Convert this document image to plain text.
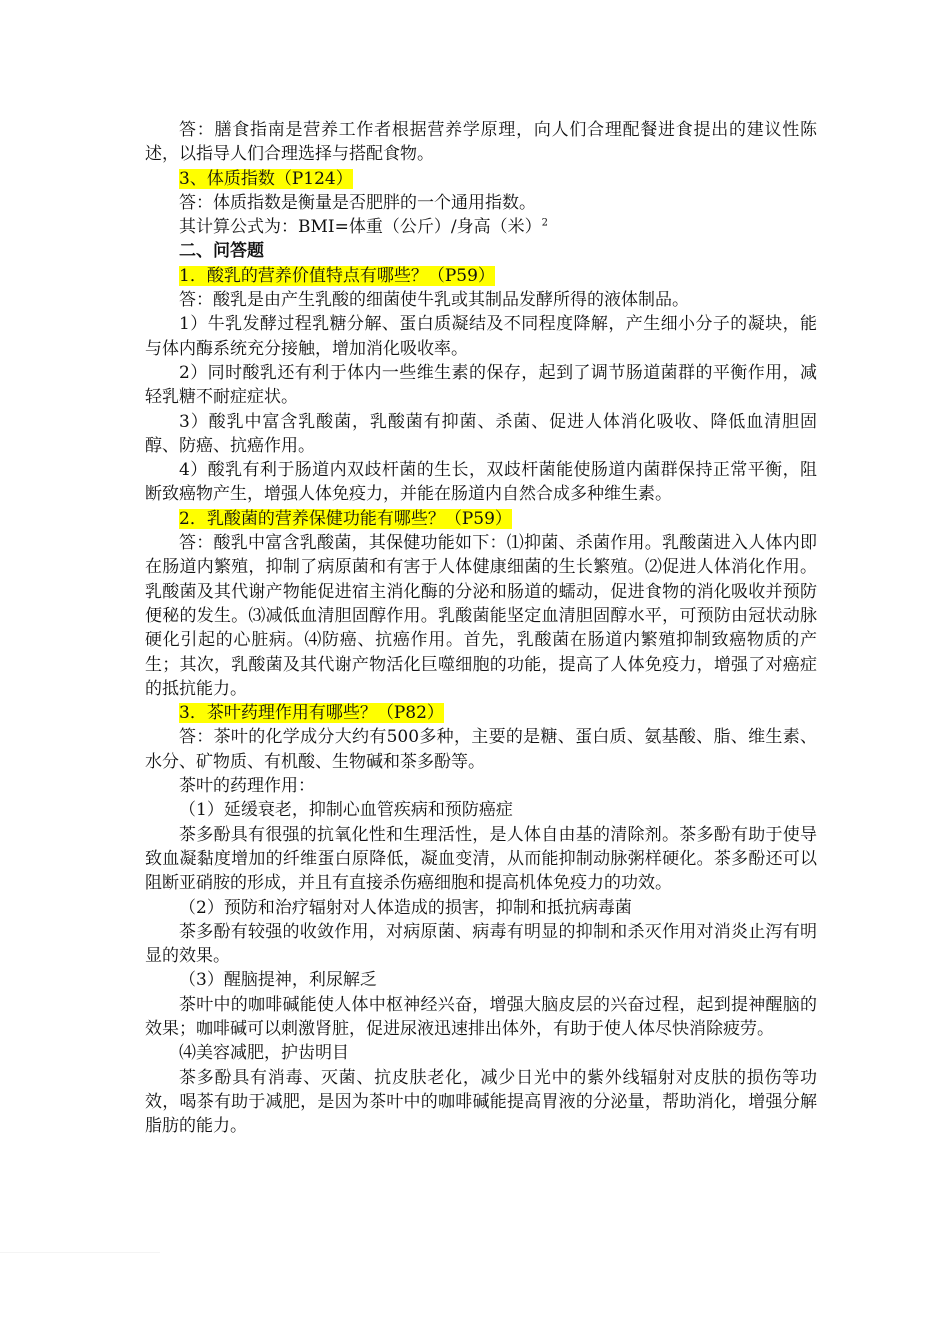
答：膳食指南是营养工作者根据营养学原理，向人们合理配餐进食提出的建议性陈述，以指导人们合理选择与搭配食物。

3、体质指数（P124）

答：体质指数是衡量是否肥胖的一个通用指数。

其计算公式为：BMI=体重（公斤）/身高（米）$^2$

二、问答题

1．酸乳的营养价值特点有哪些？（P59）

答：酸乳是由产生乳酸的细菌使牛乳或其制品发酵所得的液体制品。

1）牛乳发酵过程乳糖分解、蛋白质凝结及不同程度降解，产生细小分子的凝块，能与体内酶系统充分接触，增加消化吸收率。

2）同时酸乳还有利于体内一些维生素的保存，起到了调节肠道菌群的平衡作用，减轻乳糖不耐症症状。

3）酸乳中富含乳酸菌，乳酸菌有抑菌、杀菌、促进人体消化吸收、降低血清胆固醇、防癌、抗癌作用。

4）酸乳有利于肠道内双歧杆菌的生长，双歧杆菌能使肠道内菌群保持正常平衡，阻断致癌物产生，增强人体免疫力，并能在肠道内自然合成多种维生素。

2．乳酸菌的营养保健功能有哪些？（P59）

答：酸乳中富含乳酸菌，其保健功能如下：⑴抑菌、杀菌作用。乳酸菌进入人体内即在肠道内繁殖，抑制了病原菌和有害于人体健康细菌的生长繁殖。⑵促进人体消化作用。乳酸菌及其代谢产物能促进宿主消化酶的分泌和肠道的蠕动，促进食物的消化吸收并预防便秘的发生。⑶减低血清胆固醇作用。乳酸菌能坚定血清胆固醇水平，可预防由冠状动脉硬化引起的心脏病。⑷防癌、抗癌作用。首先，乳酸菌在肠道内繁殖抑制致癌物质的产生；其次，乳酸菌及其代谢产物活化巨噬细胞的功能，提高了人体免疫力，增强了对癌症的抵抗能力。

3．茶叶药理作用有哪些？（P82）

答：茶叶的化学成分大约有500多种，主要的是糖、蛋白质、氨基酸、脂、维生素、水分、矿物质、有机酸、生物碱和茶多酚等。

茶叶的药理作用：

（1）延缓衰老，抑制心血管疾病和预防癌症

茶多酚具有很强的抗氧化性和生理活性，是人体自由基的清除剂。茶多酚有助于使导致血凝黏度增加的纤维蛋白原降低，凝血变清，从而能抑制动脉粥样硬化。茶多酚还可以阻断亚硝胺的形成，并且有直接杀伤癌细胞和提高机体免疫力的功效。

（2）预防和治疗辐射对人体造成的损害，抑制和抵抗病毒菌

茶多酚有较强的收敛作用，对病原菌、病毒有明显的抑制和杀灭作用对消炎止泻有明显的效果。

（3）醒脑提神，利尿解乏

茶叶中的咖啡碱能使人体中枢神经兴奋，增强大脑皮层的兴奋过程，起到提神醒脑的效果；咖啡碱可以刺激肾脏，促进尿液迅速排出体外，有助于使人体尽快消除疲劳。

⑷美容减肥，护齿明目

茶多酚具有消毒、灭菌、抗皮肤老化，减少日光中的紫外线辐射对皮肤的损伤等功效，喝茶有助于减肥，是因为茶叶中的咖啡碱能提高胃液的分泌量，帮助消化，增强分解脂肪的能力。
